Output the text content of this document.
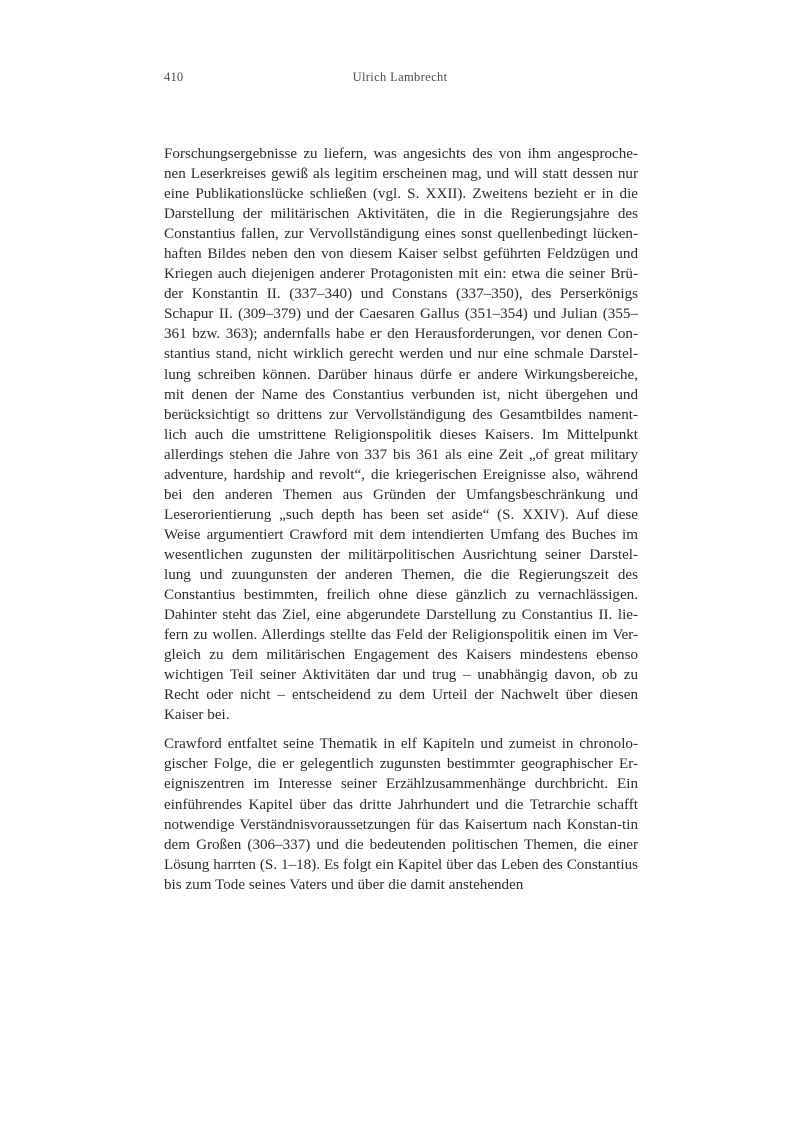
410	Ulrich Lambrecht

Forschungsergebnisse zu liefern, was angesichts des von ihm angesproche-​nen Leserkreises gewiß als legitim erscheinen mag, und will statt dessen nur eine Publikationslücke schließen (vgl. S. XXII). Zweitens bezieht er in die Darstellung der militärischen Aktivitäten, die in die Regierungsjahre des Constantius fallen, zur Vervollständigung eines sonst quellenbedingt lücken-​haften Bildes neben den von diesem Kaiser selbst geführten Feldzügen und Kriegen auch diejenigen anderer Protagonisten mit ein: etwa die seiner Brü-​der Konstantin II. (337–340) und Constans (337–350), des Perserkönigs Schapur II. (309–379) und der Caesaren Gallus (351–354) und Julian (355–361 bzw. 363); andernfalls habe er den Herausforderungen, vor denen Con-​stantius stand, nicht wirklich gerecht werden und nur eine schmale Darstel-​lung schreiben können. Darüber hinaus dürfe er andere Wirkungsbereiche, mit denen der Name des Constantius verbunden ist, nicht übergehen und berücksichtigt so drittens zur Vervollständigung des Gesamtbildes nament-​lich auch die umstrittene Religionspolitik dieses Kaisers. Im Mittelpunkt allerdings stehen die Jahre von 337 bis 361 als eine Zeit „of great military adventure, hardship and revolt“, die kriegerischen Ereignisse also, während bei den anderen Themen aus Gründen der Umfangsbeschränkung und Leserorientierung „such depth has been set aside“ (S. XXIV). Auf diese Weise argumentiert Crawford mit dem intendierten Umfang des Buches im wesentlichen zugunsten der militärpolitischen Ausrichtung seiner Darstel-​lung und zuungunsten der anderen Themen, die die Regierungszeit des Constantius bestimmten, freilich ohne diese gänzlich zu vernachlässigen. Dahinter steht das Ziel, eine abgerundete Darstellung zu Constantius II. lie-​fern zu wollen. Allerdings stellte das Feld der Religionspolitik einen im Ver-​gleich zu dem militärischen Engagement des Kaisers mindestens ebenso wichtigen Teil seiner Aktivitäten dar und trug – unabhängig davon, ob zu Recht oder nicht – entscheidend zu dem Urteil der Nachwelt über diesen Kaiser bei.

Crawford entfaltet seine Thematik in elf Kapiteln und zumeist in chronolo-​gischer Folge, die er gelegentlich zugunsten bestimmter geographischer Er-​eigniszentren im Interesse seiner Erzählzusammenhänge durchbricht. Ein einführendes Kapitel über das dritte Jahrhundert und die Tetrarchie schafft notwendige Verständnisvoraussetzungen für das Kaisertum nach Konstan-​tin dem Großen (306–337) und die bedeutenden politischen Themen, die einer Lösung harrten (S. 1–18). Es folgt ein Kapitel über das Leben des Constantius bis zum Tode seines Vaters und über die damit anstehenden
